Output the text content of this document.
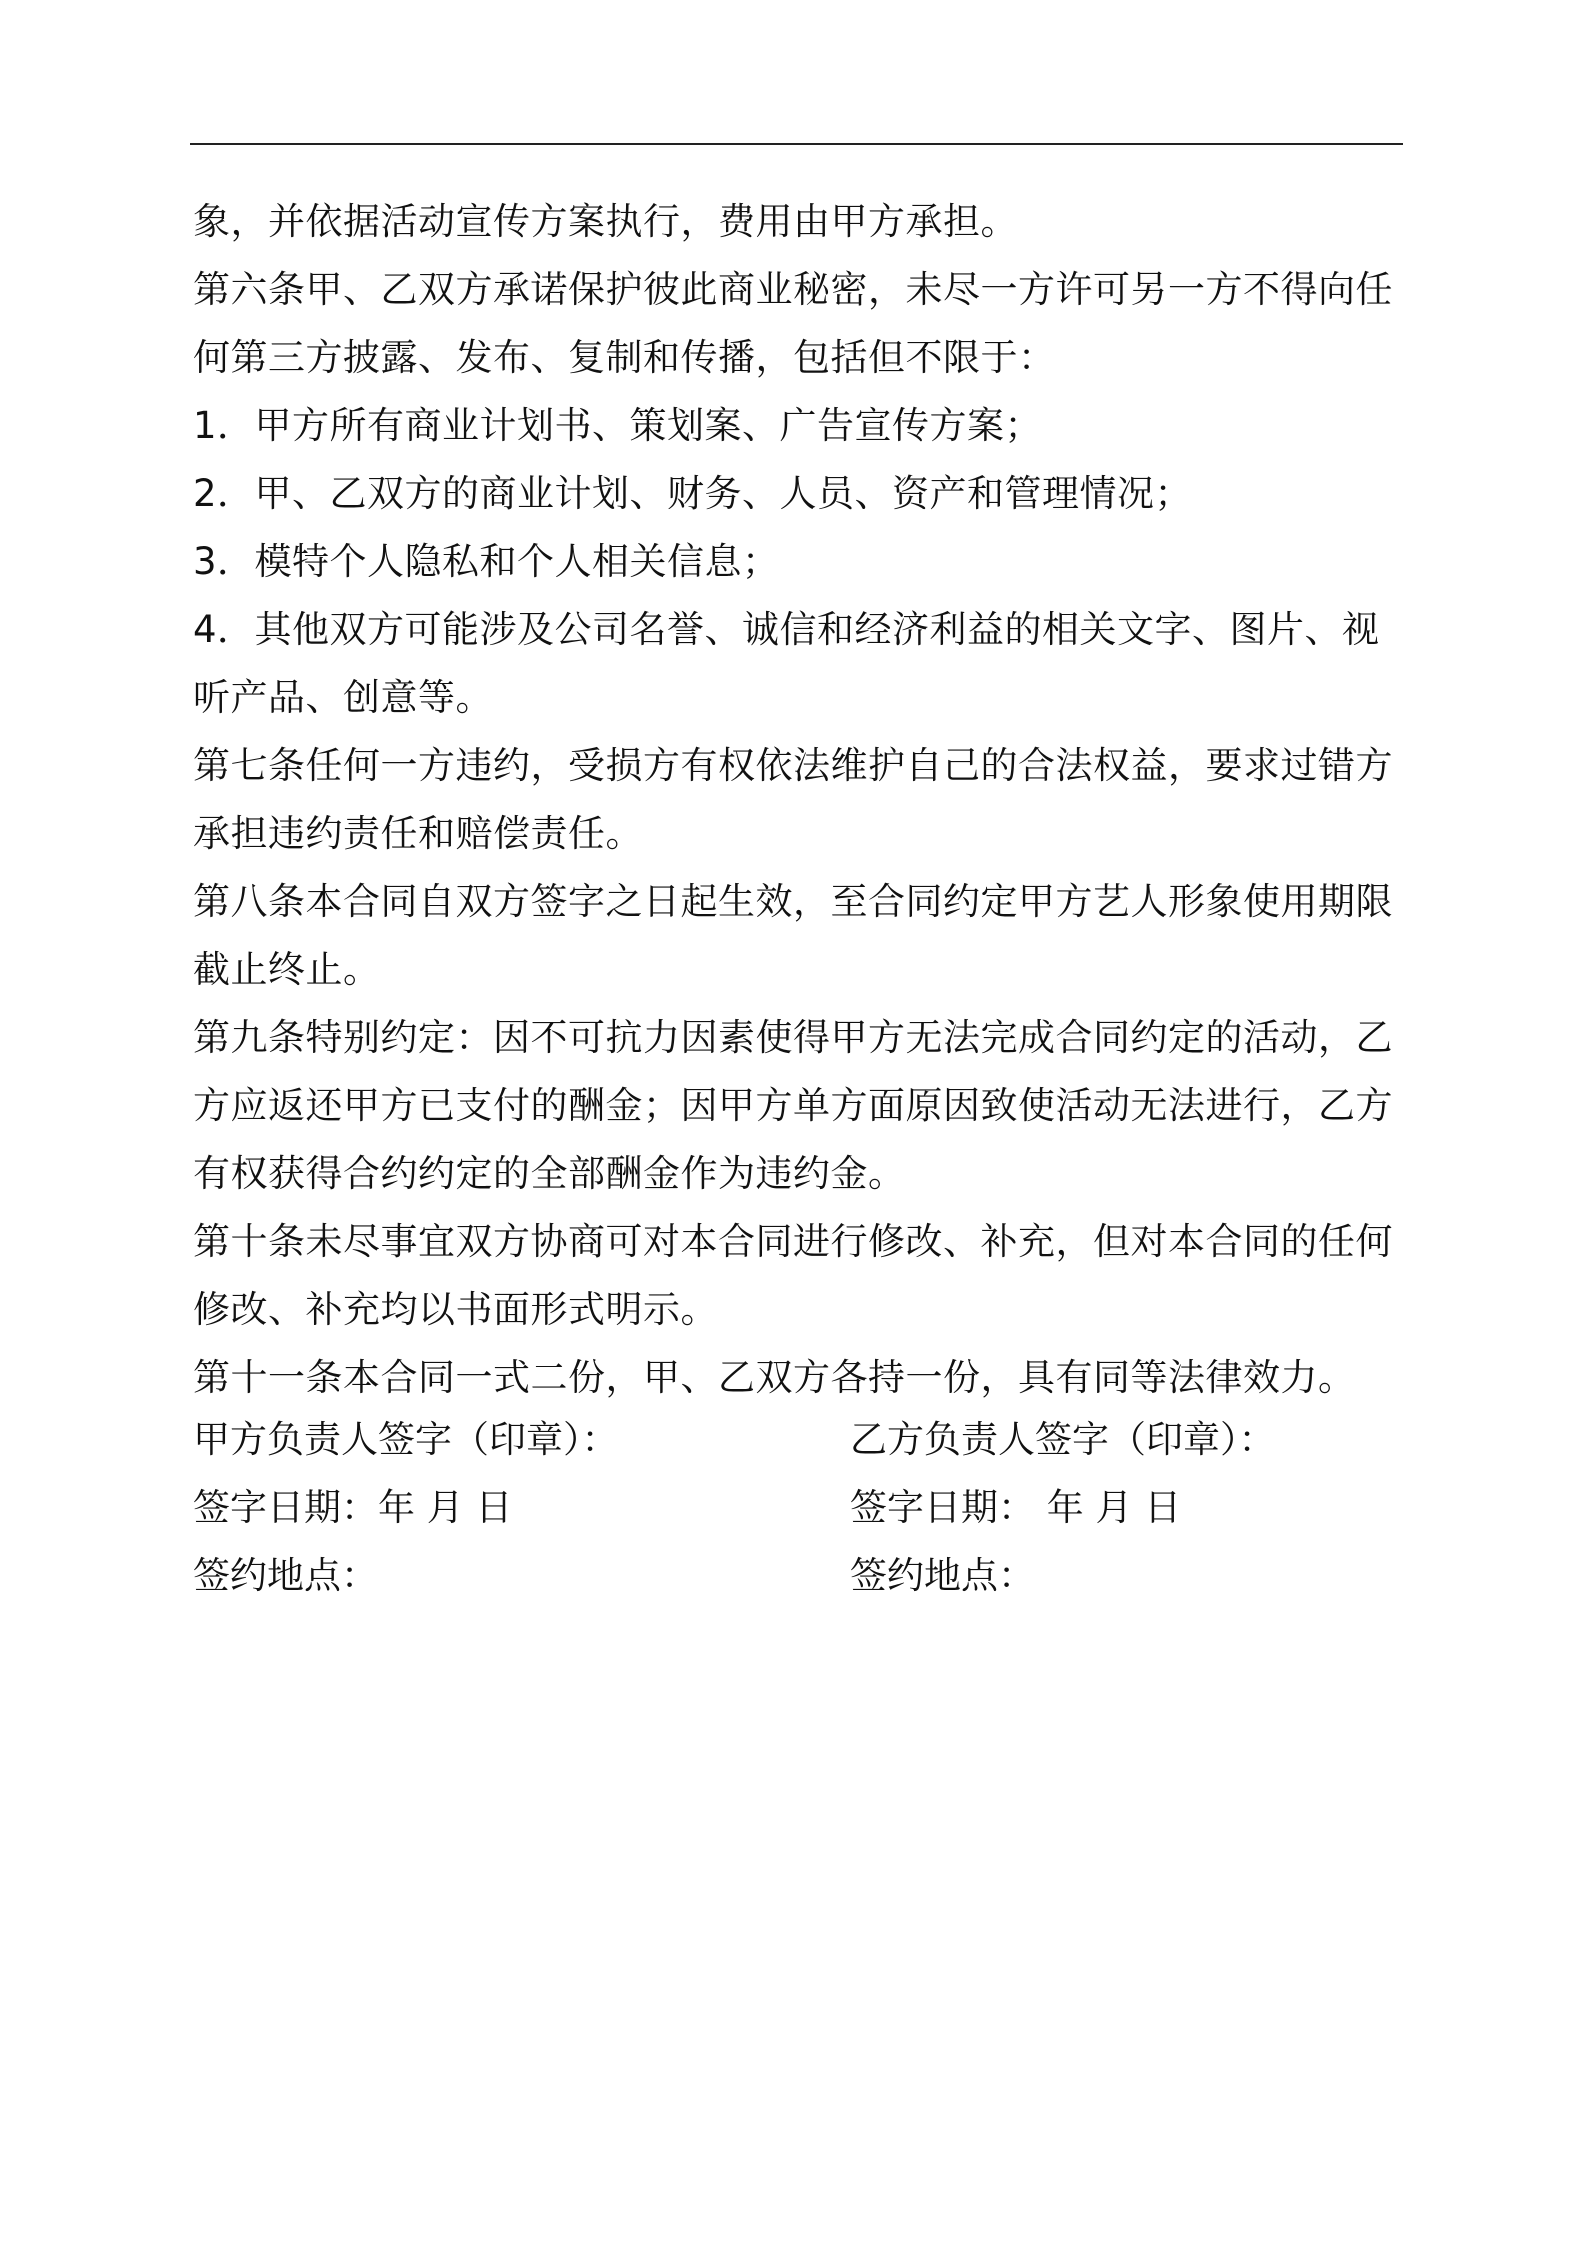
象，并依据活动宣传方案执行，费用由甲方承担。

第六条甲、乙双方承诺保护彼此商业秘密，未尽一方许可另一方不得向任何第三方披露、发布、复制和传播，包括但不限于：

1．甲方所有商业计划书、策划案、广告宣传方案；

2．甲、乙双方的商业计划、财务、人员、资产和管理情况；

3．模特个人隐私和个人相关信息；

4．其他双方可能涉及公司名誉、诚信和经济利益的相关文字、图片、视听产品、创意等。

第七条任何一方违约，受损方有权依法维护自己的合法权益，要求过错方承担违约责任和赔偿责任。

第八条本合同自双方签字之日起生效，至合同约定甲方艺人形象使用期限截止终止。

第九条特别约定：因不可抗力因素使得甲方无法完成合同约定的活动，乙方应返还甲方已支付的酬金；因甲方单方面原因致使活动无法进行，乙方有权获得合约约定的全部酬金作为违约金。

第十条未尽事宜双方协商可对本合同进行修改、补充，但对本合同的任何修改、补充均以书面形式明示。

第十一条本合同一式二份，甲、乙双方各持一份，具有同等法律效力。

甲方负责人签字（印章）：	乙方负责人签字（印章）：
签字日期：年 月 日	签字日期： 年 月 日
签约地点：	签约地点：
